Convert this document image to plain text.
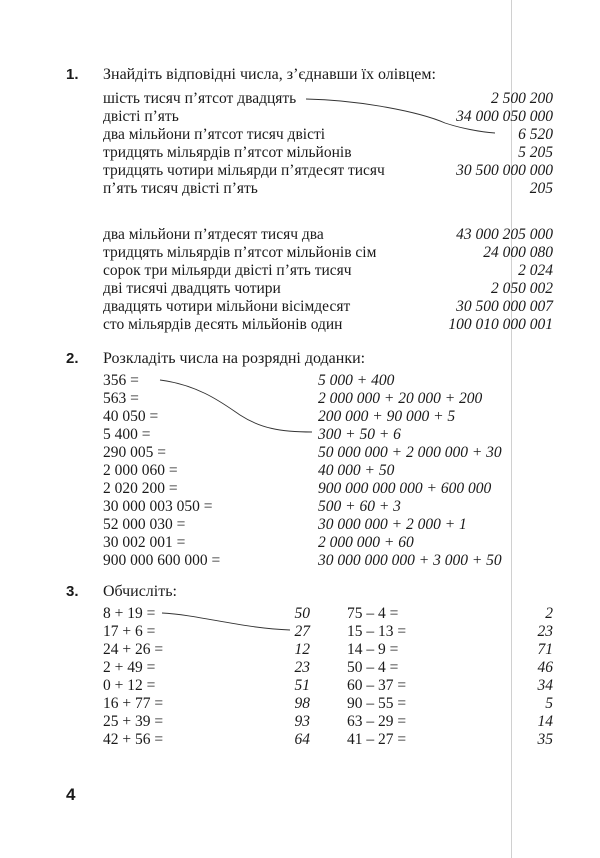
1. Знайдіть відповідні числа, з’єднавши їх олівцем:
шість тисяч п’ятсот двадцять
двісті п’ять
два мільйони п’ятсот тисяч двісті
тридцять мільярдів п’ятсот мільйонів
тридцять чотири мільярди п’ятдесят тисяч
п’ять тисяч двісті п’ять
2 500 200
34 000 050 000
6 520
5 205
30 500 000 000
205
два мільйони п’ятдесят тисяч два
тридцять мільярдів п’ятсот мільйонів сім
сорок три мільярди двісті п’ять тисяч
дві тисячі двадцять чотири
двадцять чотири мільйони вісімдесят
сто мільярдів десять мільйонів один
43 000 205 000
24 000 080
2 024
2 050 002
30 500 000 007
100 010 000 001
2. Розкладіть числа на розрядні доданки:
356 =
563 =
40 050 =
5 400 =
290 005 =
2 000 060 =
2 020 200 =
30 000 003 050 =
52 000 030 =
30 002 001 =
900 000 600 000 =
5 000 + 400
2 000 000 + 20 000 + 200
200 000 + 90 000 + 5
300 + 50 + 6
50 000 000 + 2 000 000 + 30
40 000 + 50
900 000 000 000 + 600 000
500 + 60 + 3
30 000 000 + 2 000 + 1
2 000 000 + 60
30 000 000 000 + 3 000 + 50
3. Обчисліть:
8 + 19 =
17 + 6 =
24 + 26 =
2 + 49 =
0 + 12 =
16 + 77 =
25 + 39 =
42 + 56 =
50
27
12
23
51
98
93
64
75 – 4 =
15 – 13 =
14 – 9 =
50 – 4 =
60 – 37 =
90 – 55 =
63 – 29 =
41 – 27 =
2
23
71
46
34
5
14
35
4
